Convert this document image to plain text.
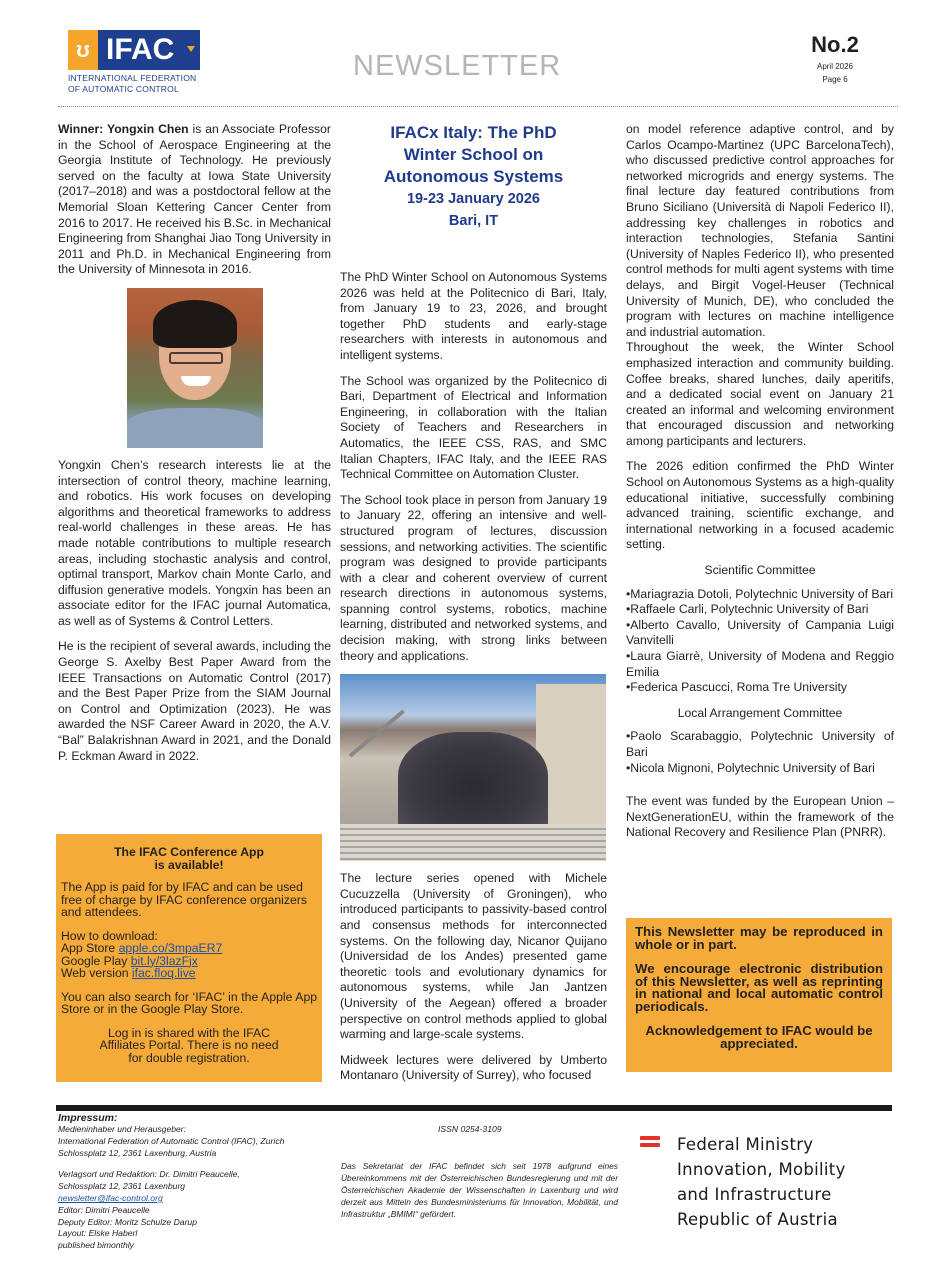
ʊ IFAC
INTERNATIONAL FEDERATION
OF AUTOMATIC CONTROL
NEWSLETTER
No.2
April 2026
Page 6

Winner: Yongxin Chen is an Associate Professor in the School of Aerospace Engineering at the Georgia Institute of Technology. He previously served on the faculty at Iowa State University (2017–2018) and was a postdoctoral fellow at the Memorial Sloan Kettering Cancer Center from 2016 to 2017. He received his B.Sc. in Mechanical Engineering from Shanghai Jiao Tong University in 2011 and Ph.D. in Mechanical Engineering from the University of Minnesota in 2016.

Yongxin Chen’s research interests lie at the intersection of control theory, machine learning, and robotics. His work focuses on developing algorithms and theoretical frameworks to address real-world challenges in these areas. He has made notable contributions to multiple research areas, including stochastic analysis and control, optimal transport, Markov chain Monte Carlo, and diffusion generative models. Yongxin has been an associate editor for the IFAC journal Automatica, as well as of Systems & Control Letters.

He is the recipient of several awards, including the George S. Axelby Best Paper Award from the IEEE Transactions on Automatic Control (2017) and the Best Paper Prize from the SIAM Journal on Control and Optimization (2023). He was awarded the NSF Career Award in 2020, the A.V. “Bal” Balakrishnan Award in 2021, and the Donald P. Eckman Award in 2022.

The IFAC Conference App
is available!

The App is paid for by IFAC and can be used free of charge by IFAC conference organizers and attendees.

How to download:
App Store apple.co/3mpaER7
Google Play bit.ly/3lazFjx
Web version ifac.floq.live

You can also search for ‘IFAC’ in the Apple App Store or in the Google Play Store.

Log in is shared with the IFAC
Affiliates Portal. There is no need
for double registration.

IFACx Italy: The PhD
Winter School on
Autonomous Systems
19-23 January 2026
Bari, IT

The PhD Winter School on Autonomous Systems 2026 was held at the Politecnico di Bari, Italy, from January 19 to 23, 2026, and brought together PhD students and early-stage researchers with interests in autonomous and intelligent systems.

The School was organized by the Politecnico di Bari, Department of Electrical and Information Engineering, in collaboration with the Italian Society of Teachers and Researchers in Automatics, the IEEE CSS, RAS, and SMC Italian Chapters, IFAC Italy, and the IEEE RAS Technical Committee on Automation Cluster.

The School took place in person from January 19 to January 22, offering an intensive and well-structured program of lectures, discussion sessions, and networking activities. The scientific program was designed to provide participants with a clear and coherent overview of current research directions in autonomous systems, spanning control systems, robotics, machine learning, distributed and networked systems, and decision making, with strong links between theory and applications.

The lecture series opened with Michele Cucuzzella (University of Groningen), who introduced participants to passivity-based control and consensus methods for interconnected systems. On the following day, Nicanor Quijano (Universidad de los Andes) presented game theoretic tools and evolutionary dynamics for autonomous systems, while Jan Jantzen (University of the Aegean) offered a broader perspective on control methods applied to global warming and large-scale systems.

Midweek lectures were delivered by Umberto Montanaro (University of Surrey), who focused

on model reference adaptive control, and by Carlos Ocampo-Martinez (UPC BarcelonaTech), who discussed predictive control approaches for networked microgrids and energy systems. The final lecture day featured contributions from Bruno Siciliano (Università di Napoli Federico II), addressing key challenges in robotics and interaction technologies, Stefania Santini (University of Naples Federico II), who presented control methods for multi agent systems with time delays, and Birgit Vogel-Heuser (Technical University of Munich, DE), who concluded the program with lectures on machine intelligence and industrial automation.

Throughout the week, the Winter School emphasized interaction and community building. Coffee breaks, shared lunches, daily aperitifs, and a dedicated social event on January 21 created an informal and welcoming environment that encouraged discussion and networking among participants and lecturers.

The 2026 edition confirmed the PhD Winter School on Autonomous Systems as a high-quality educational initiative, successfully combining advanced training, scientific exchange, and international networking in a focused academic setting.

Scientific Committee
•Mariagrazia Dotoli, Polytechnic University of Bari
•Raffaele Carli, Polytechnic University of Bari
•Alberto Cavallo, University of Campania Luigi Vanvitelli
•Laura Giarrè, University of Modena and Reggio Emilia
•Federica Pascucci, Roma Tre University
Local Arrangement Committee
•Paolo Scarabaggio, Polytechnic University of Bari
•Nicola Mignoni, Polytechnic University of Bari

The event was funded by the European Union – NextGenerationEU, within the framework of the National Recovery and Resilience Plan (PNRR).

This Newsletter may be reproduced in whole or in part.

We encourage electronic distribution of this Newsletter, as well as reprinting in national and local automatic control periodicals.

Acknowledgement to IFAC would be appreciated.

Impressum:
Medieninhaber und Herausgeber:
International Federation of Automatic Control (IFAC), Zurich
Schlossplatz 12, 2361 Laxenburg, Austria
Verlagsort und Redaktion: Dr. Dimitri Peaucelle,
Schlossplatz 12, 2361 Laxenburg
newsletter@ifac-control.org
Editor: Dimitri Peaucelle
Deputy Editor: Moritz Schulze Darup
Layout: Elske Haberl
published bimonthly
ISSN 0254-3109
Das Sekretariat der IFAC befindet sich seit 1978 aufgrund eines Übereinkommens mit der Österreichischen Bundesregierung und mit der Österreichischen Akademie der Wissenschaften in Laxenburg und wird derzeit aus Mitteln des Bundesministeriums für Innovation, Mobilität, und Infrastruktur „BMIMI“ gefördert.
Federal Ministry
Innovation, Mobility
and Infrastructure
Republic of Austria
